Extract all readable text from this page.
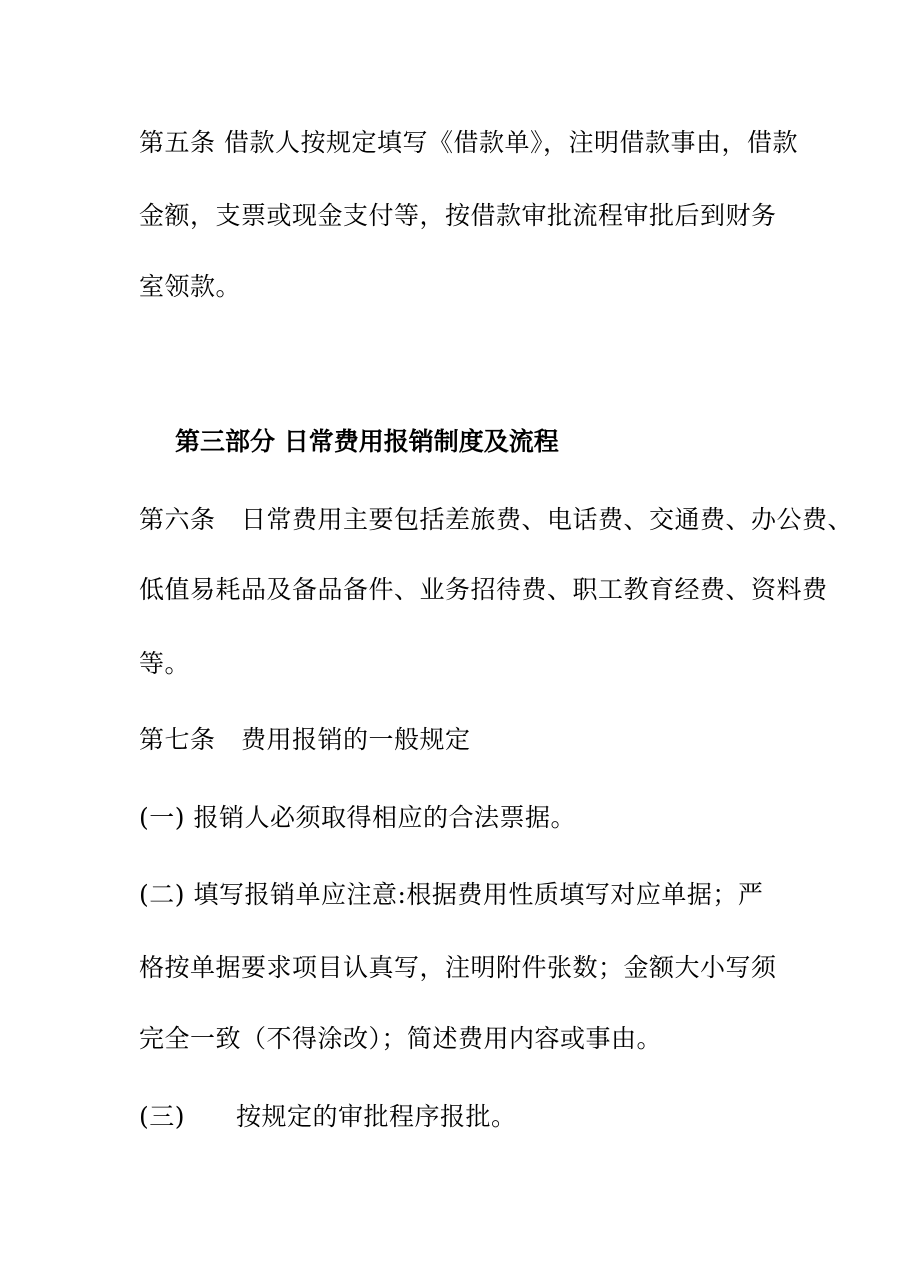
第五条 借款人按规定填写《借款单》，注明借款事由，借款
金额，支票或现金支付等，按借款审批流程审批后到财务
室领款。
第三部分 日常费用报销制度及流程
第六条　日常费用主要包括差旅费、电话费、交通费、办公费、
低值易耗品及备品备件、业务招待费、职工教育经费、资料费
等。
第七条　费用报销的一般规定
(一) 报销人必须取得相应的合法票据。
(二) 填写报销单应注意:根据费用性质填写对应单据；严
格按单据要求项目认真写，注明附件张数；金额大小写须
完全一致（不得涂改）；简述费用内容或事由。
(三)　　按规定的审批程序报批。
